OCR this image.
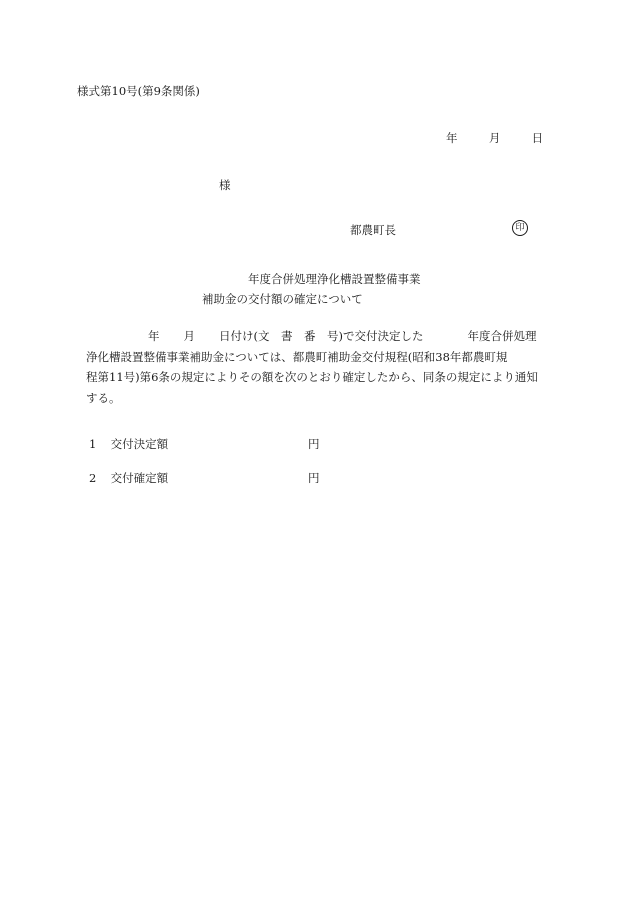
様式第10号(第9条関係)
年	月	日
様
都農町長	印
年度合併処理浄化槽設置整備事業
補助金の交付額の確定について
年 月 日付け(文　書　番　号)で交付決定した	年度合併処理
浄化槽設置整備事業補助金については、都農町補助金交付規程(昭和38年都農町規
程第11号)第6条の規定によりその額を次のとおり確定したから、同条の規定により通知
する。
1 交付決定額	円
2 交付確定額	円
